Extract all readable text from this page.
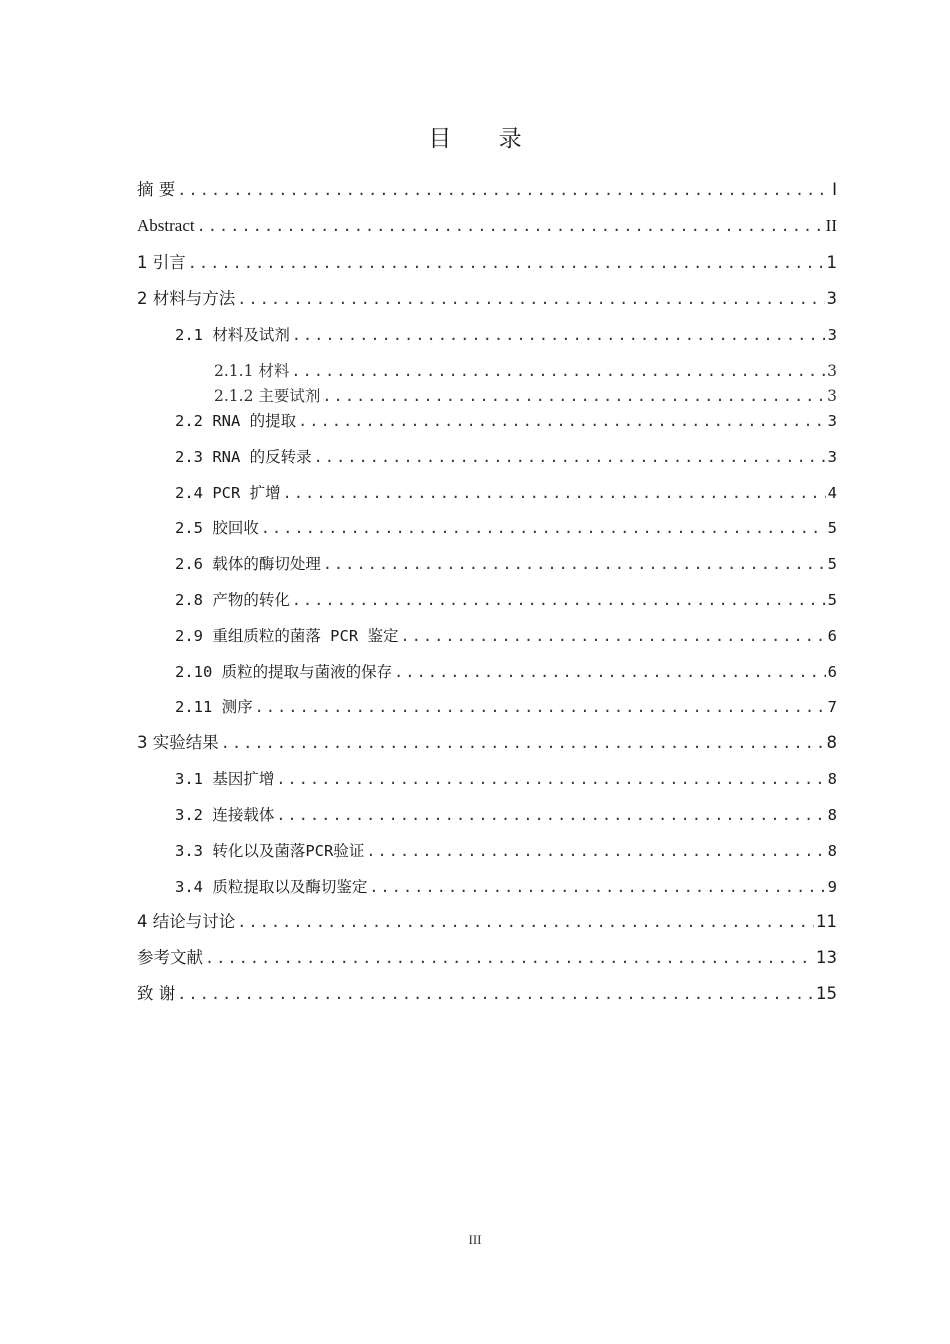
目 录
摘 要 .....	I
Abstract .....	II
1 引言 .....	1
2 材料与方法 .....	3
2.1 材料及试剂 .....	3
2.1.1 材料 .....	3
2.1.2 主要试剂 .....	3
2.2 RNA 的提取 .....	3
2.3 RNA 的反转录 .....	3
2.4 PCR 扩增 .....	4
2.5 胶回收 .....	5
2.6 载体的酶切处理 .....	5
2.8 产物的转化 .....	5
2.9 重组质粒的菌落 PCR 鉴定 .....	6
2.10 质粒的提取与菌液的保存 .....	6
2.11 测序 .....	7
3 实验结果 .....	8
3.1 基因扩增 .....	8
3.2 连接载体 .....	8
3.3 转化以及菌落PCR验证 .....	8
3.4 质粒提取以及酶切鉴定 .....	9
4 结论与讨论 .....	11
参考文献 .....	13
致 谢 .....	15
III
